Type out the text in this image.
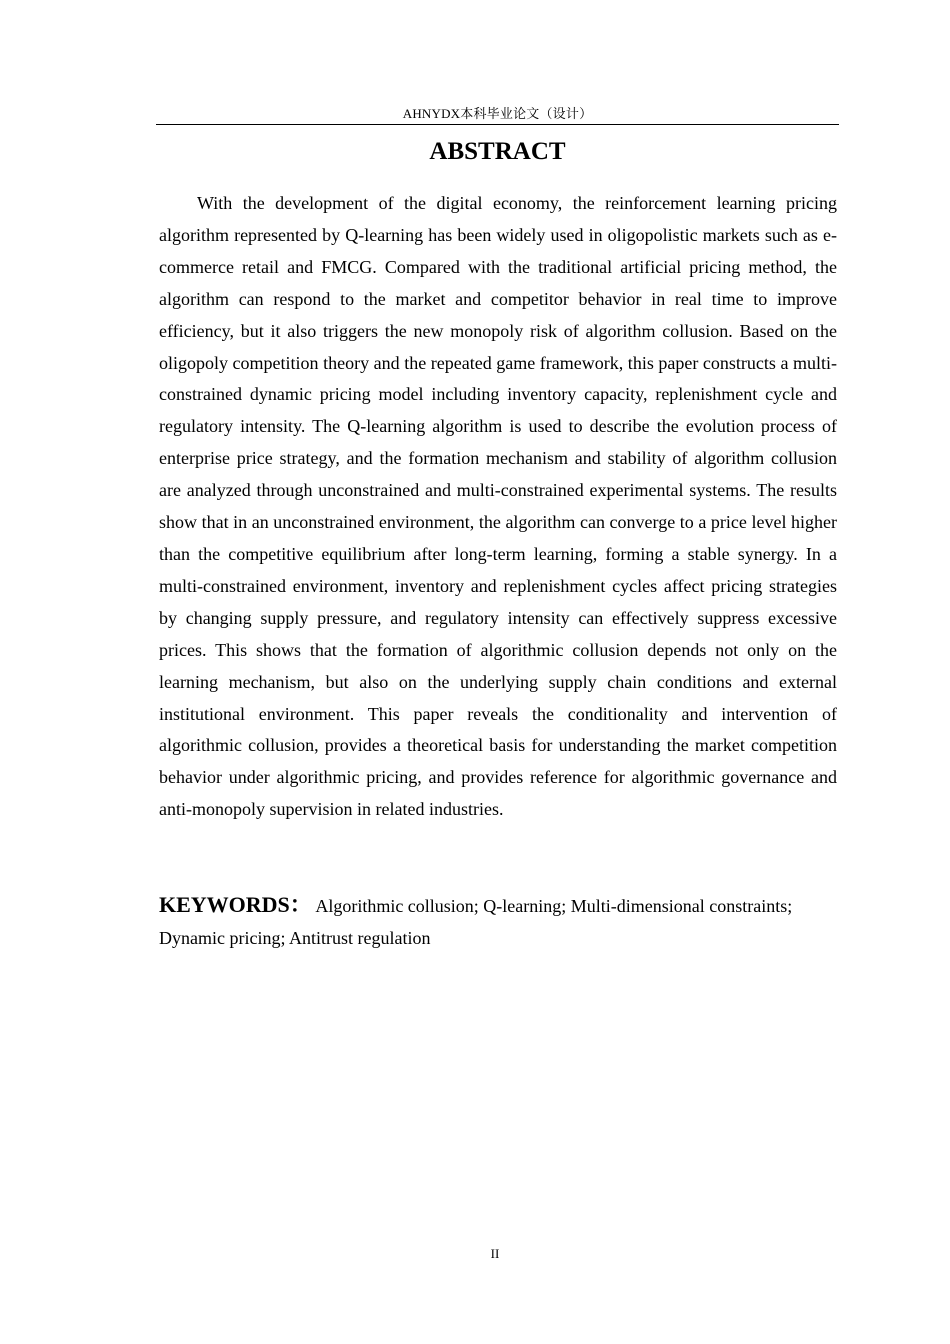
AHNYDX本科毕业论文（设计）
ABSTRACT

With the development of the digital economy, the reinforcement learning pricing algorithm represented by Q-learning has been widely used in oligopolistic markets such as e-commerce retail and FMCG. Compared with the traditional artificial pricing method, the algorithm can respond to the market and competitor behavior in real time to improve efficiency, but it also triggers the new monopoly risk of algorithm collusion. Based on the oligopoly competition theory and the repeated game framework, this paper constructs a multi-constrained dynamic pricing model including inventory capacity, replenishment cycle and regulatory intensity. The Q-learning algorithm is used to describe the evolution process of enterprise price strategy, and the formation mechanism and stability of algorithm collusion are analyzed through unconstrained and multi-constrained experimental systems. The results show that in an unconstrained environment, the algorithm can converge to a price level higher than the competitive equilibrium after long-term learning, forming a stable synergy. In a multi-constrained environment, inventory and replenishment cycles affect pricing strategies by changing supply pressure, and regulatory intensity can effectively suppress excessive prices. This shows that the formation of algorithmic collusion depends not only on the learning mechanism, but also on the underlying supply chain conditions and external institutional environment. This paper reveals the conditionality and intervention of algorithmic collusion, provides a theoretical basis for understanding the market competition behavior under algorithmic pricing, and provides reference for algorithmic governance and anti-monopoly supervision in related industries.

KEYWORDS： Algorithmic collusion; Q-learning; Multi-dimensional constraints; Dynamic pricing; Antitrust regulation

II
